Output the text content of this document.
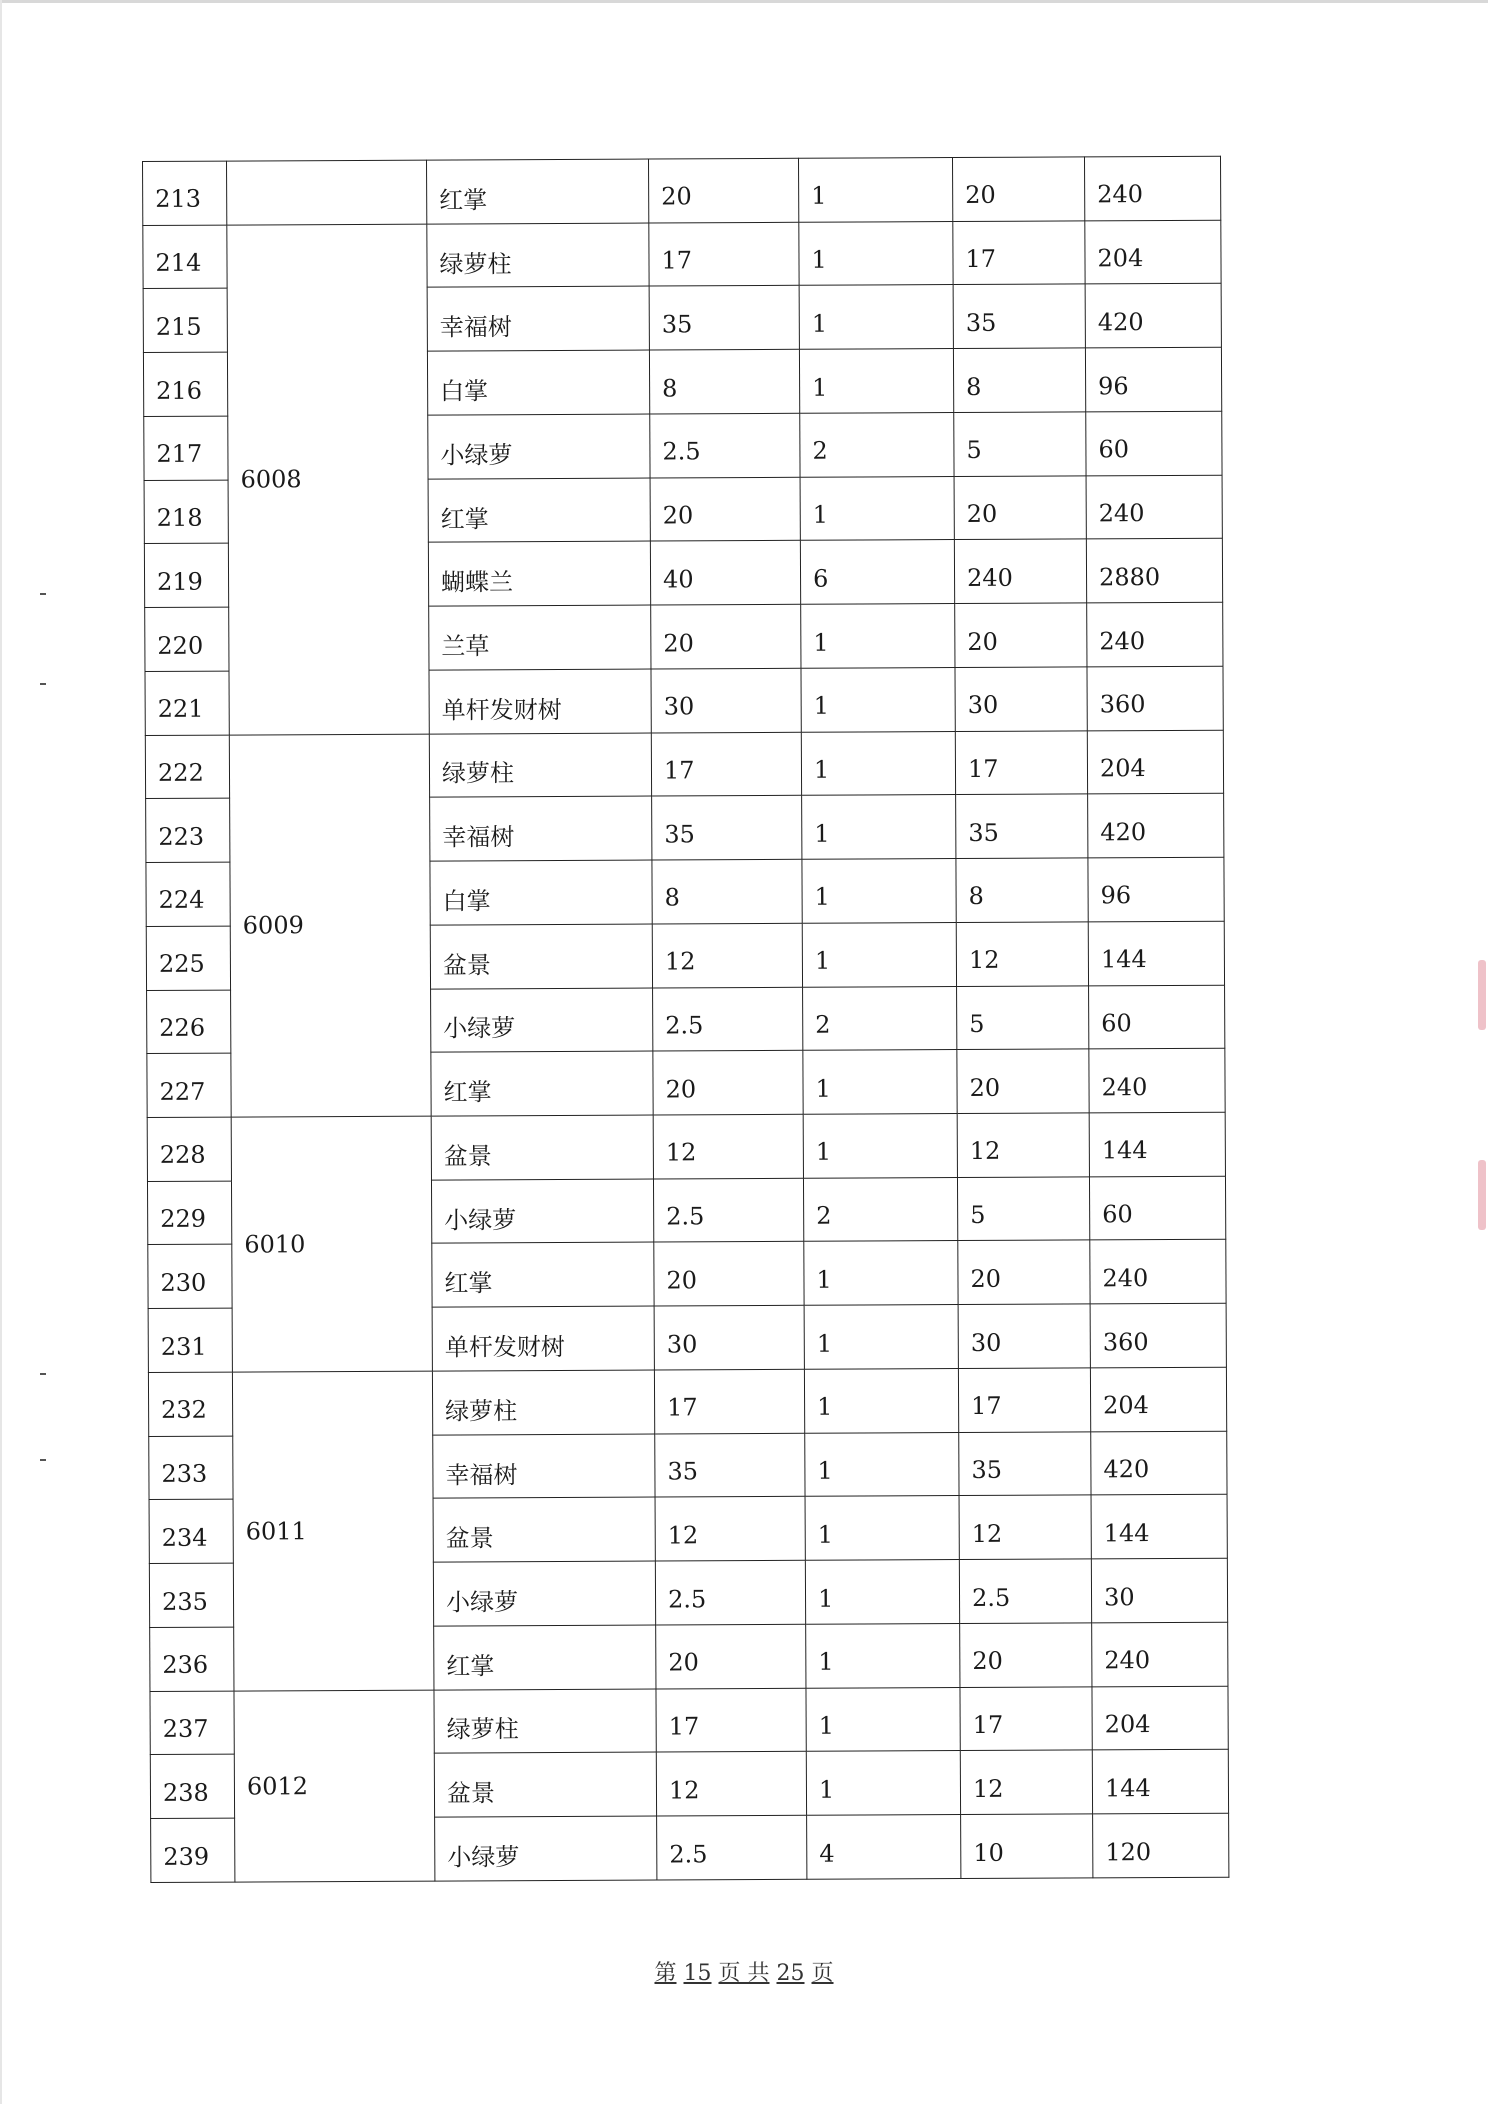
213		红掌	20	1	20	240
214	6008	绿萝柱	17	1	17	204
215		幸福树	35	1	35	420
216		白掌	8	1	8	96
217		小绿萝	2.5	2	5	60
218		红掌	20	1	20	240
219		蝴蝶兰	40	6	240	2880
220		兰草	20	1	20	240
221		单杆发财树	30	1	30	360
222	6009	绿萝柱	17	1	17	204
223		幸福树	35	1	35	420
224		白掌	8	1	8	96
225		盆景	12	1	12	144
226		小绿萝	2.5	2	5	60
227		红掌	20	1	20	240
228	6010	盆景	12	1	12	144
229		小绿萝	2.5	2	5	60
230		红掌	20	1	20	240
231		单杆发财树	30	1	30	360
232	6011	绿萝柱	17	1	17	204
233		幸福树	35	1	35	420
234		盆景	12	1	12	144
235		小绿萝	2.5	1	2.5	30
236		红掌	20	1	20	240
237	6012	绿萝柱	17	1	17	204
238		盆景	12	1	12	144
239		小绿萝	2.5	4	10	120
第 15 页 共 25 页
